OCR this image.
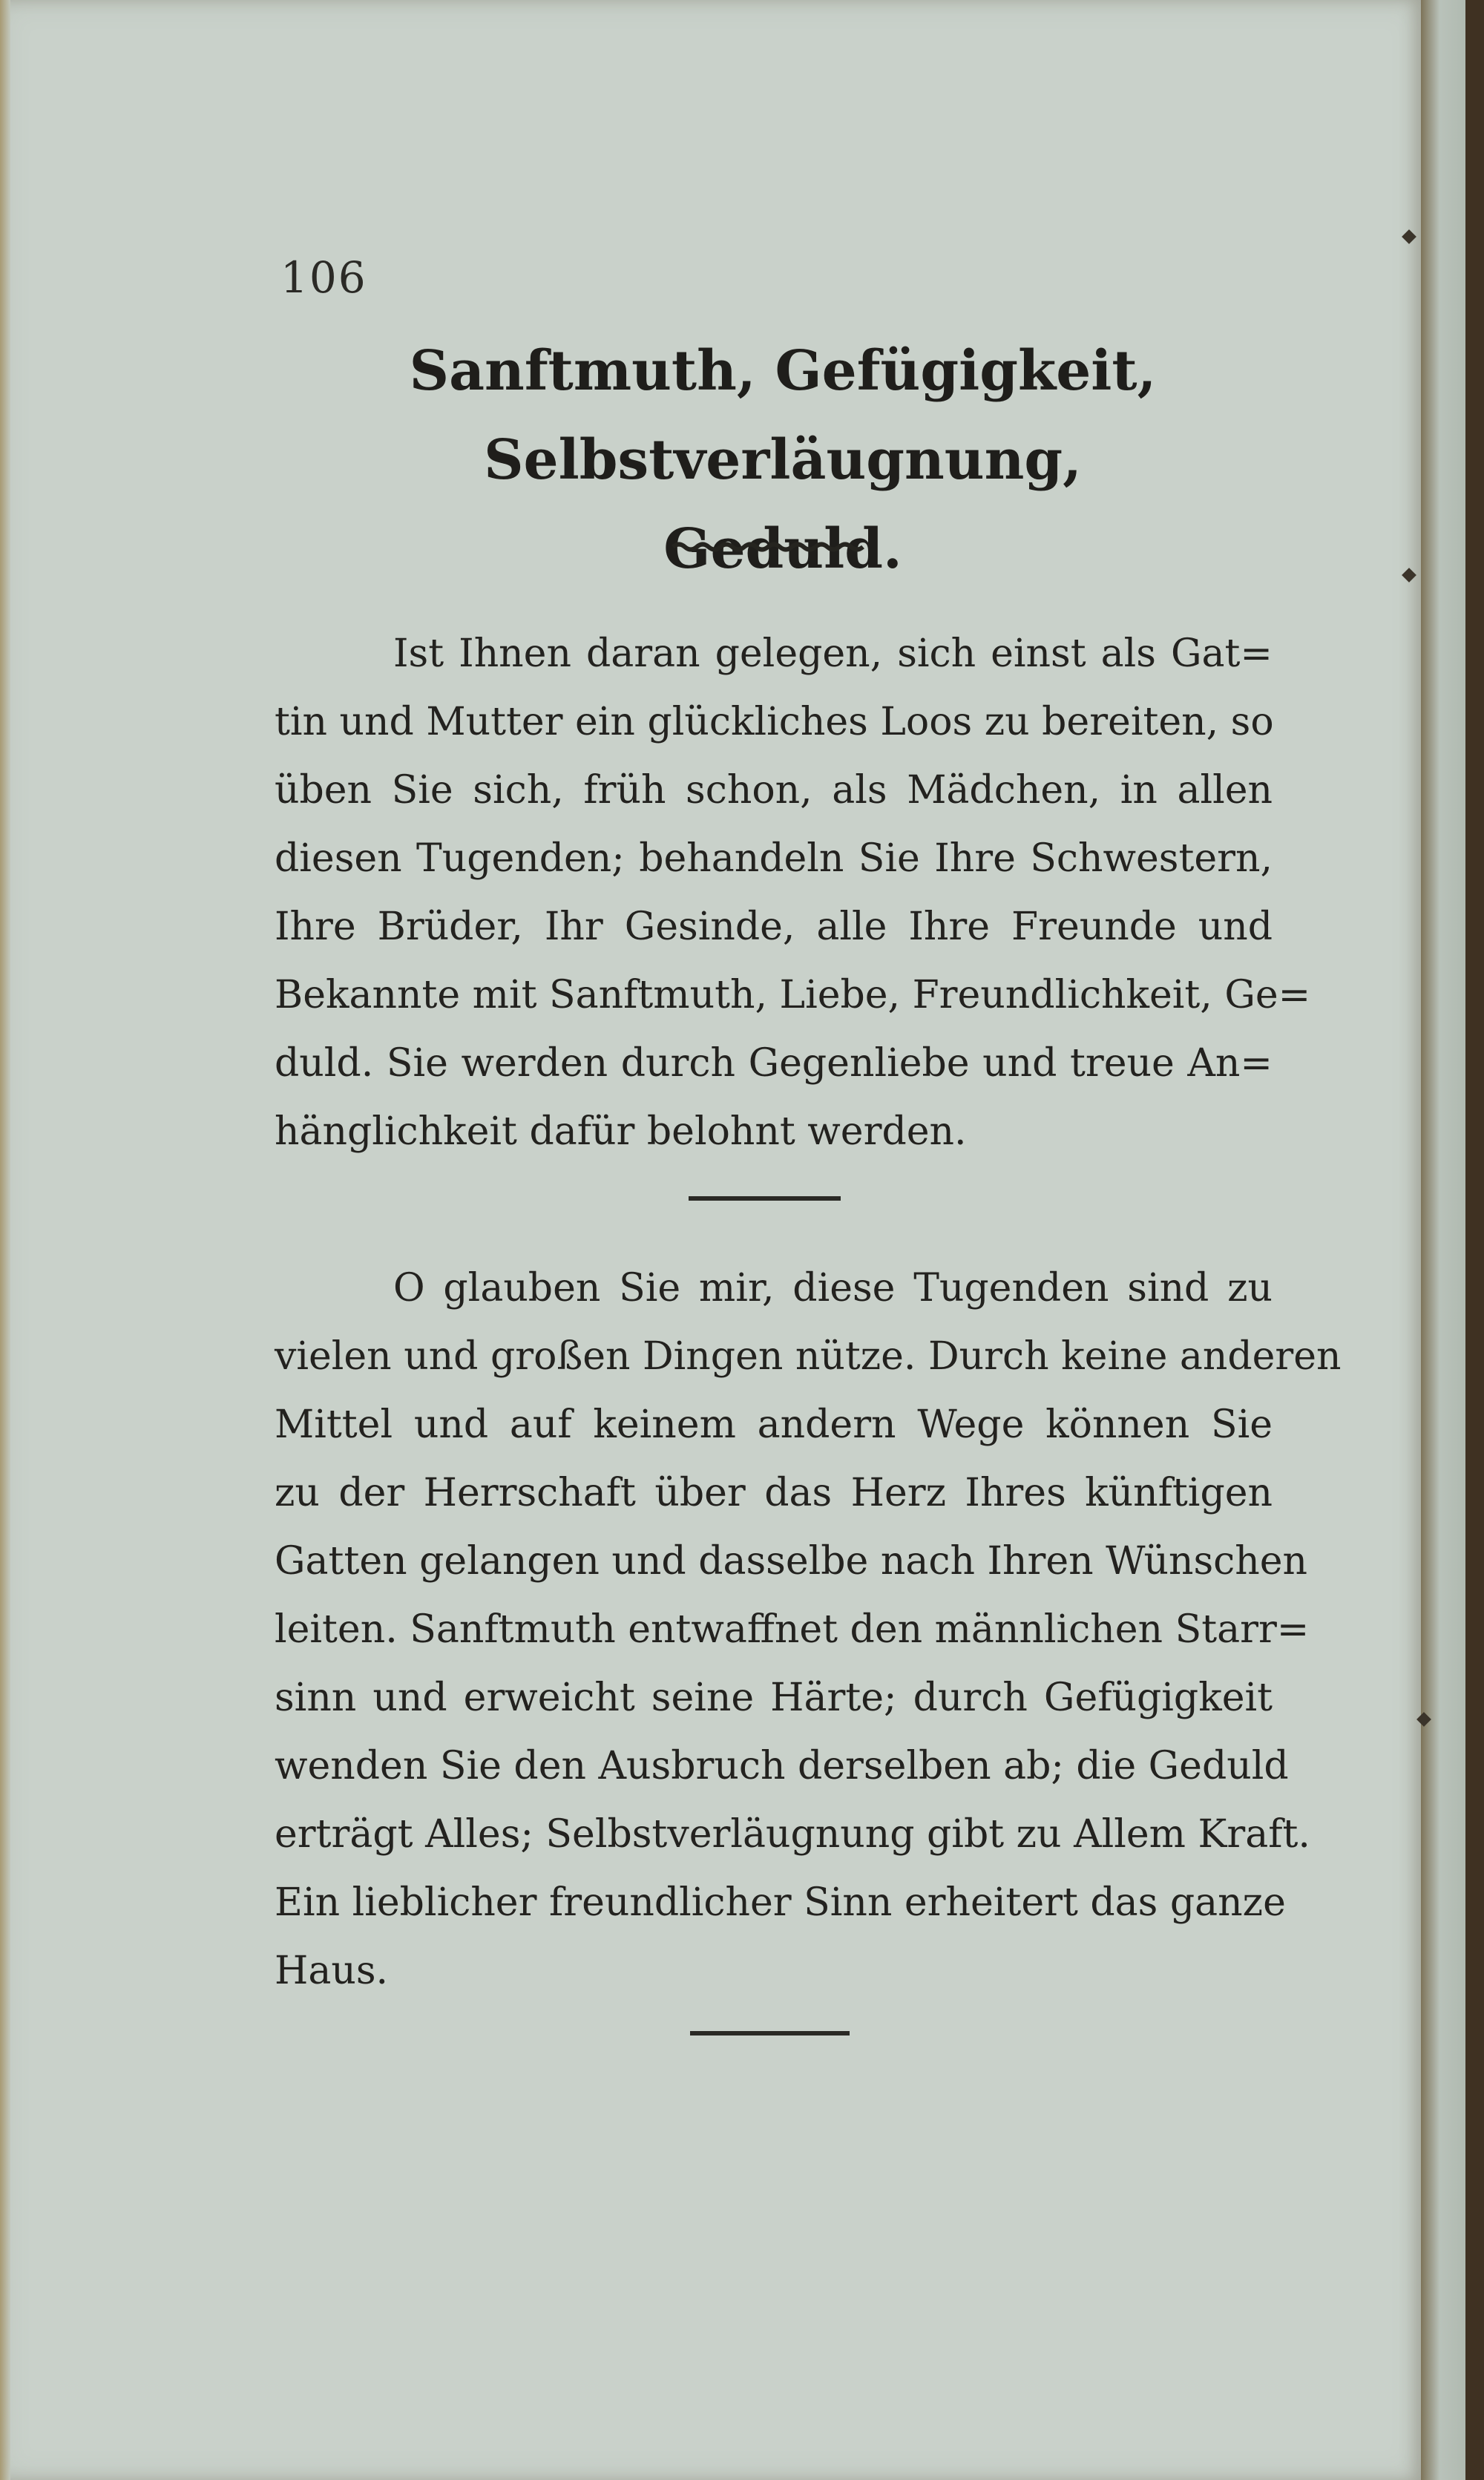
106
Sanftmuth, Gefügigkeit, Selbstverläugnung,
Geduld.
Ist Ihnen daran gelegen, sich einst als Gat=
tin und Mutter ein glückliches Loos zu bereiten, so
üben Sie sich, früh schon, als Mädchen, in allen
diesen Tugenden; behandeln Sie Ihre Schwestern,
Ihre Brüder, Ihr Gesinde, alle Ihre Freunde und
Bekannte mit Sanftmuth, Liebe, Freundlichkeit, Ge=
duld. Sie werden durch Gegenliebe und treue An=
hänglichkeit dafür belohnt werden.
O glauben Sie mir, diese Tugenden sind zu
vielen und großen Dingen nütze. Durch keine anderen
Mittel und auf keinem andern Wege können Sie
zu der Herrschaft über das Herz Ihres künftigen
Gatten gelangen und dasselbe nach Ihren Wünschen
leiten. Sanftmuth entwaffnet den männlichen Starr=
sinn und erweicht seine Härte; durch Gefügigkeit
wenden Sie den Ausbruch derselben ab; die Geduld
erträgt Alles; Selbstverläugnung gibt zu Allem Kraft.
Ein lieblicher freundlicher Sinn erheitert das ganze
Haus.
